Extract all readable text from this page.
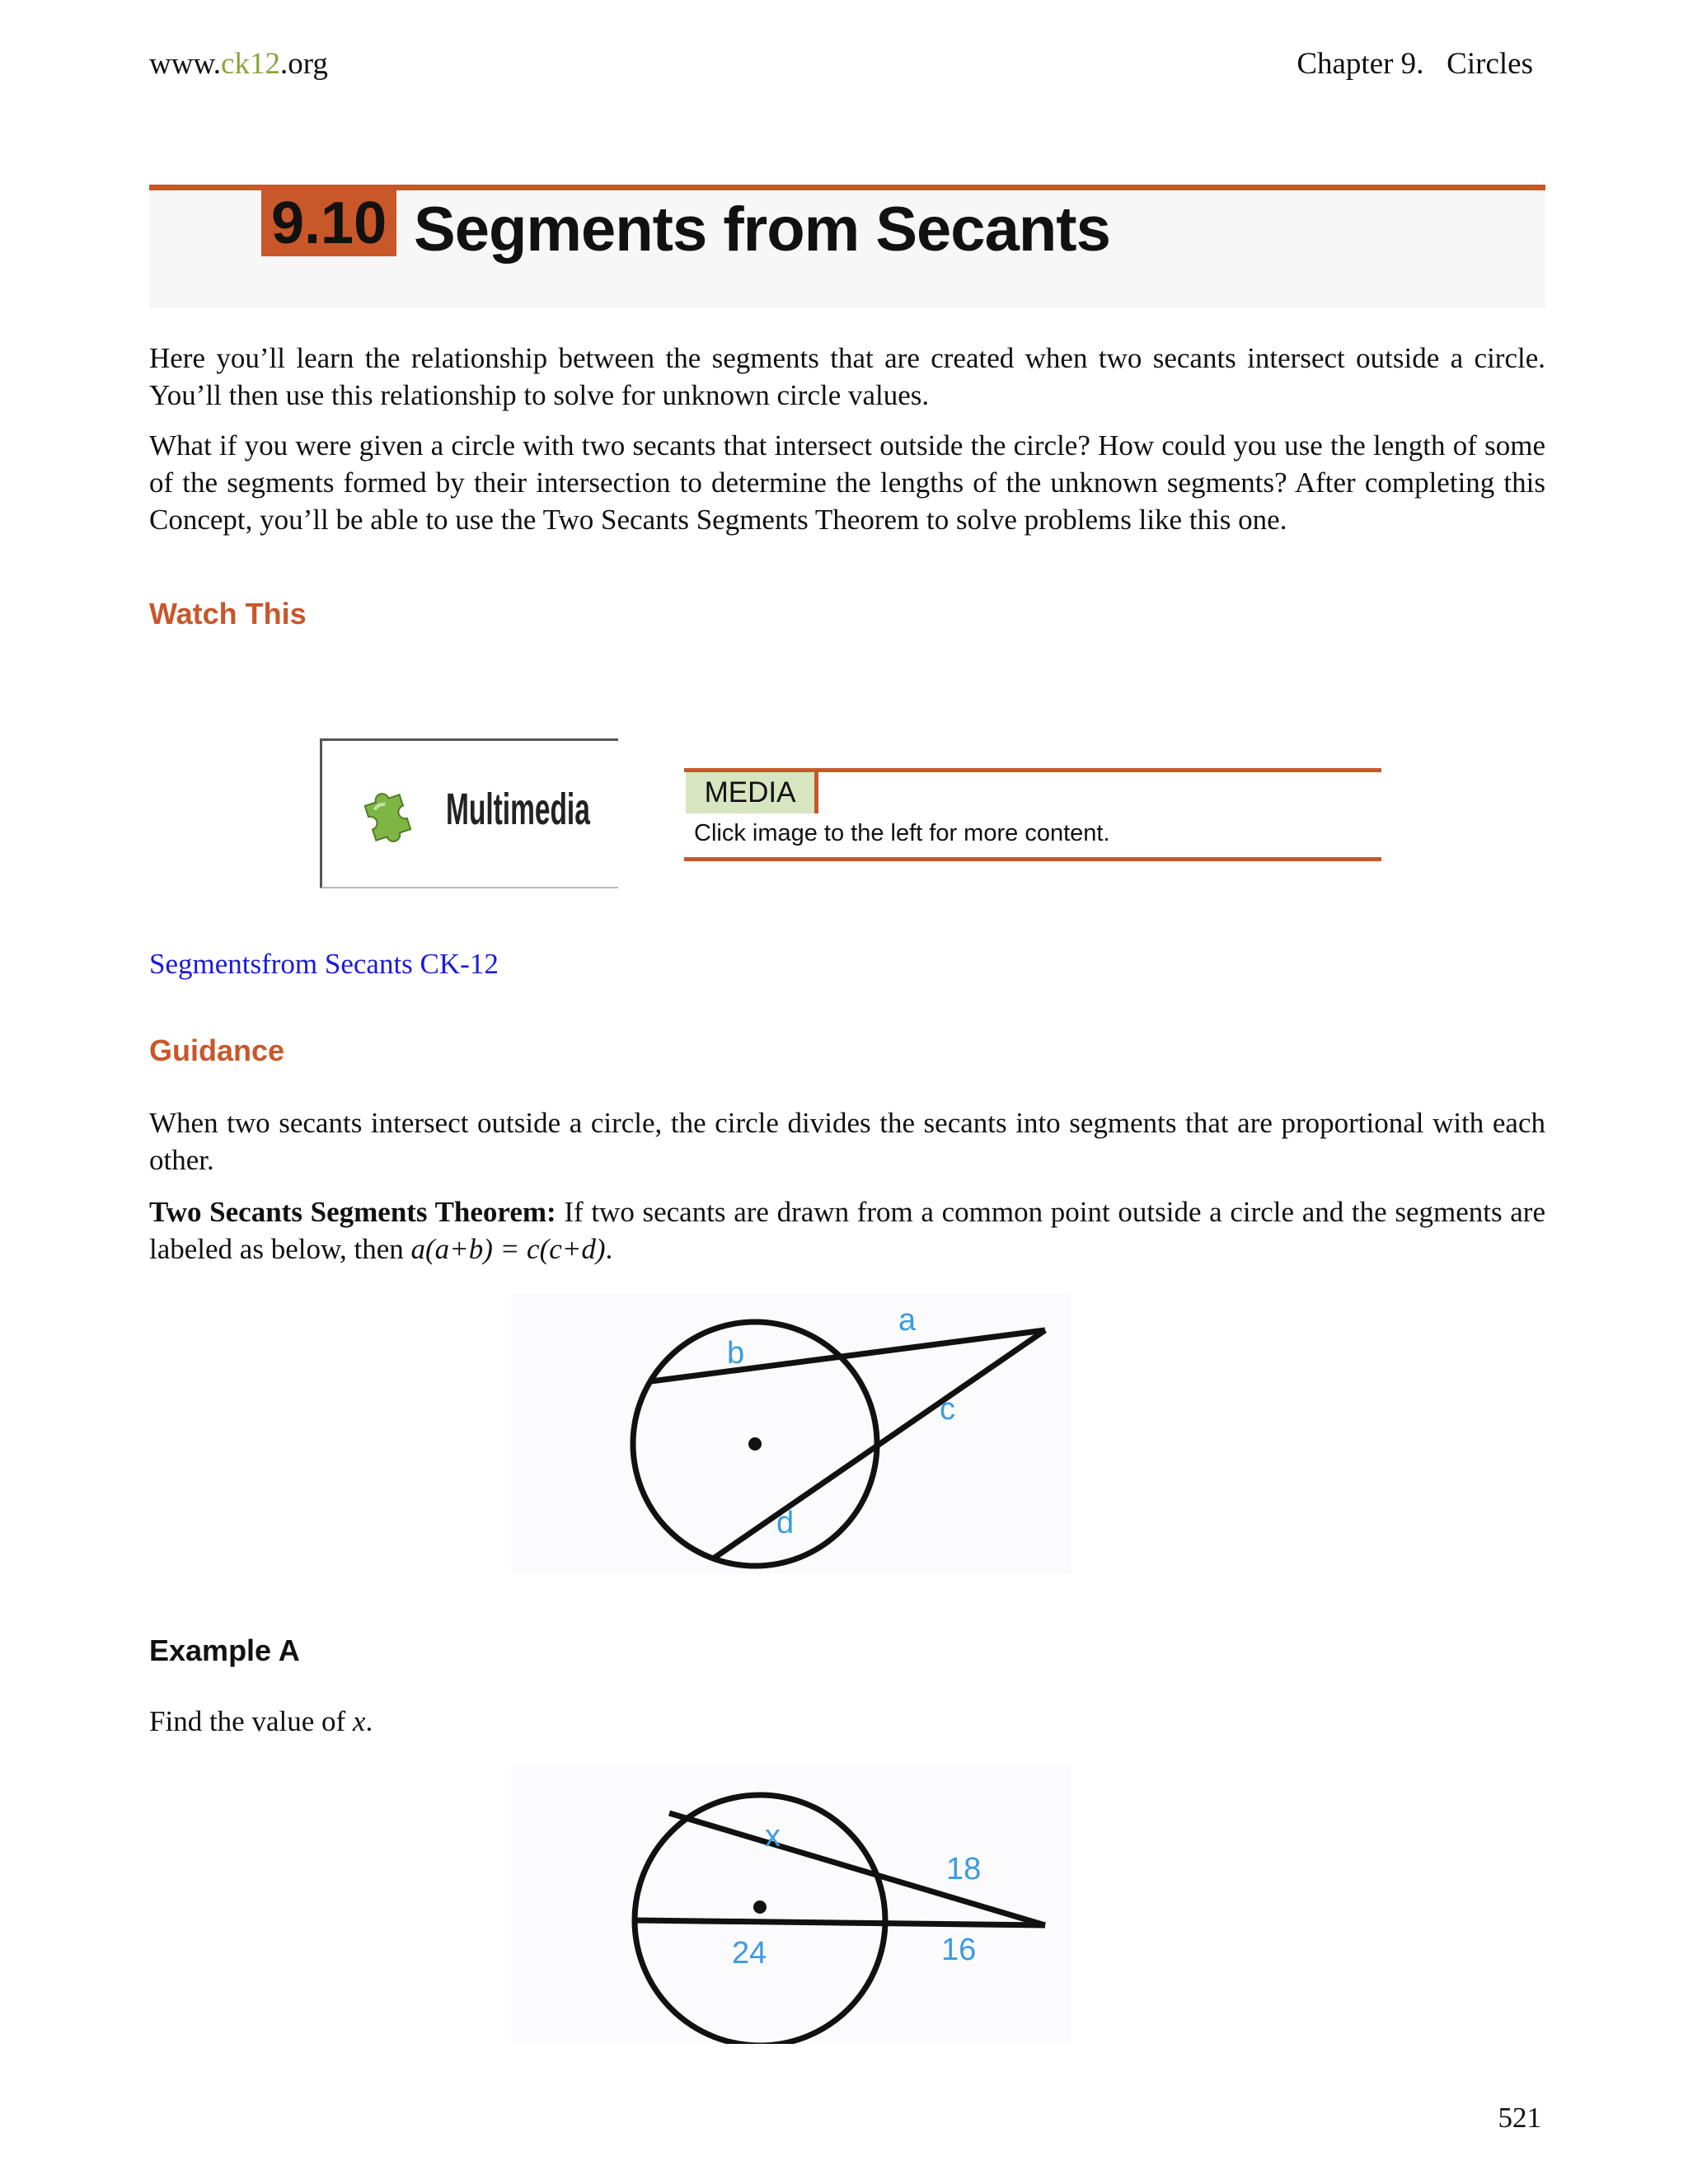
www.ck12.org	Chapter 9.   Circles
9.10 Segments from Secants
Here you’ll learn the relationship between the segments that are created when two secants intersect outside a circle. You’ll then use this relationship to solve for unknown circle values.
What if you were given a circle with two secants that intersect outside the circle? How could you use the length of some of the segments formed by their intersection to determine the lengths of the unknown segments? After completing this Concept, you’ll be able to use the Two Secants Segments Theorem to solve problems like this one.
Watch This
Multimedia	MEDIA
Click image to the left for more content.
Segmentsfrom Secants CK-12
Guidance
When two secants intersect outside a circle, the circle divides the secants into segments that are proportional with each other.
Two Secants Segments Theorem: If two secants are drawn from a common point outside a circle and the segments are labeled as below, then a(a+b) = c(c+d).
a
b
c
d
Example A
Find the value of x.
x
18
24	16
521
